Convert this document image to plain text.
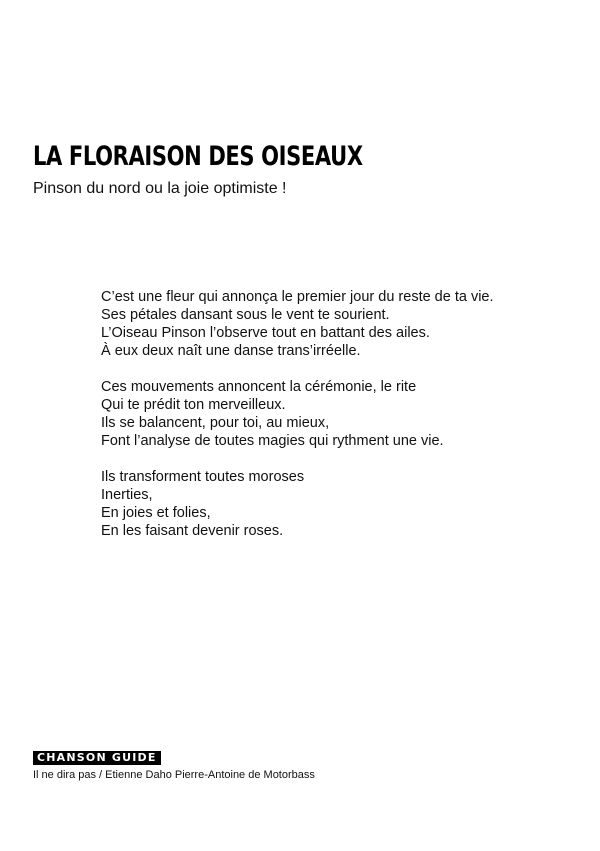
LA FLORAISON DES OISEAUX

Pinson du nord ou la joie optimiste !

C’est une fleur qui annonça le premier jour du reste de ta vie.
Ses pétales dansant sous le vent te sourient.
L’Oiseau Pinson l’observe tout en battant des ailes.
À eux deux naît une danse trans’irréelle.
Ces mouvements annoncent la cérémonie, le rite
Qui te prédit ton merveilleux.
Ils se balancent, pour toi, au mieux,
Font l’analyse de toutes magies qui rythment une vie.
Ils transforment toutes moroses
Inerties,
En joies et folies,
En les faisant devenir roses.
CHANSON GUIDE
Il ne dira pas / Etienne Daho Pierre-Antoine de Motorbass
